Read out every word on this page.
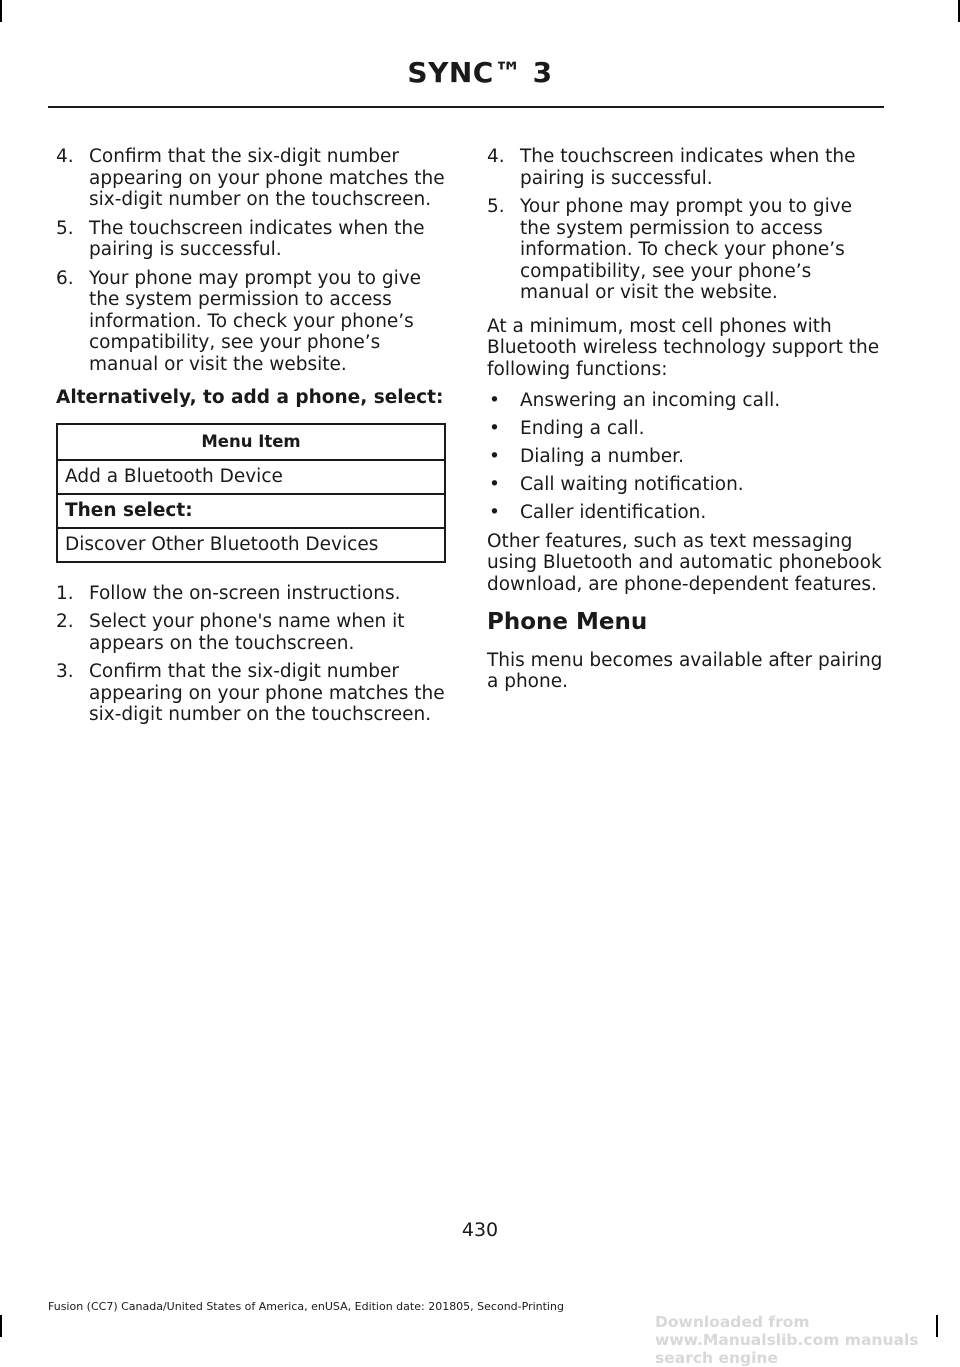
SYNC™ 3
4. Confirm that the six-digit number appearing on your phone matches the six-digit number on the touchscreen.
5. The touchscreen indicates when the pairing is successful.
6. Your phone may prompt you to give the system permission to access information. To check your phone’s compatibility, see your phone’s manual or visit the website.

Alternatively, to add a phone, select:

Menu Item
Add a Bluetooth Device
Then select:
Discover Other Bluetooth Devices
1. Follow the on-screen instructions.
2. Select your phone's name when it appears on the touchscreen.
3. Confirm that the six-digit number appearing on your phone matches the six-digit number on the touchscreen.
4. The touchscreen indicates when the pairing is successful.
5. Your phone may prompt you to give the system permission to access information. To check your phone’s compatibility, see your phone’s manual or visit the website.

At a minimum, most cell phones with Bluetooth wireless technology support the following functions:

• Answering an incoming call.
• Ending a call.
• Dialing a number.
• Call waiting notification.
• Caller identification.

Other features, such as text messaging using Bluetooth and automatic phonebook download, are phone-dependent features.

Phone Menu

This menu becomes available after pairing a phone.

430
Fusion (CC7) Canada/United States of America, enUSA, Edition date: 201805, Second-Printing
Downloaded from www.Manualslib.com manuals search engine
